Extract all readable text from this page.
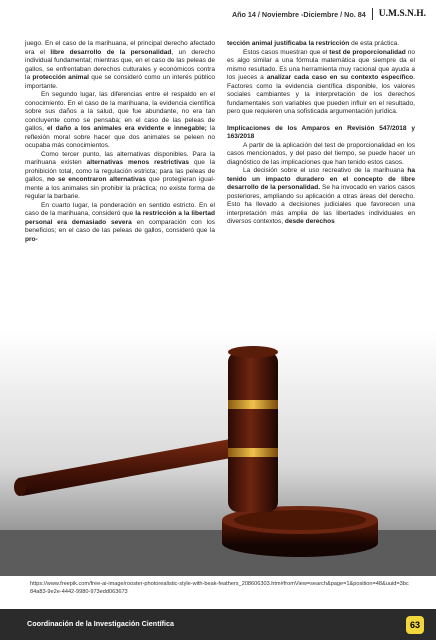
Año 14 / Noviembre -Diciembre / No. 84 U.M.S.N.H.

juego. En el caso de la marihuana, el principal derecho afectado era el libre desarrollo de la personalidad, un derecho individual fundamental; mientras que, en el caso de las peleas de gallos, se enfrentaban derechos culturales y económicos contra la protección animal que se consideró como un interés público importante.

En segundo lugar, las diferencias entre el respaldo en el conocimiento. En el caso de la marihuana, la evidencia científica sobre sus daños a la salud, que fue abundante, no era tan concluyente como se pensaba; en el caso de las peleas de gallos, el daño a los animales era evidente e innegable; la reflexión moral sobre hacer que dos animales se peleen no ocupaba más conocimientos.

Como tercer punto, las alternativas disponibles. Para la marihuana existen alternativas menos restrictivas que la prohibición total, como la regulación estricta; para las peleas de gallos, no se encontraron alternativas que protegieran igualmente a los animales sin prohibir la práctica; no existe forma de regular la barbarie.

En cuarto lugar, la ponderación en sentido estricto. En el caso de la marihuana, consideró que la restricción a la libertad personal era demasiado severa en comparación con los beneficios; en el caso de las peleas de gallos, consideró que la pro-

tección animal justificaba la restricción de esta práctica.

Estos casos muestran que el test de proporcionalidad no es algo similar a una fórmula matemática que siempre da el mismo resultado. Es una herramienta muy racional que ayuda a los jueces a analizar cada caso en su contexto específico. Factores como la evidencia científica disponible, los valores sociales cambiantes y la interpretación de los derechos fundamentales son variables que pueden influir en el resultado, pero que requieren una sofisticada argumentación jurídica.

Implicaciones de los Amparos en Revisión 547/2018 y 163/2018

A partir de la aplicación del test de proporcionalidad en los casos mencionados, y del paso del tiempo, se puede hacer un diagnóstico de las implicaciones que han tenido estos casos.

La decisión sobre el uso recreativo de la marihuana ha tenido un impacto duradero en el concepto de libre desarrollo de la personalidad. Se ha invocado en varios casos posteriores, ampliando su aplicación a otras áreas del derecho. Esto ha llevado a decisiones judiciales que favorecen una interpretación más amplia de las libertades individuales en diversos contextos, desde derechos

https://www.freepik.com/free-ai-image/rooster-photorealistic-style-with-beak-feathers_208606303.htm#fromView=search&page=1&position=48&uuid=3bc84a83-9e2e-4442-9980-973edd063673
Coordinación de la Investigación Científica	63
